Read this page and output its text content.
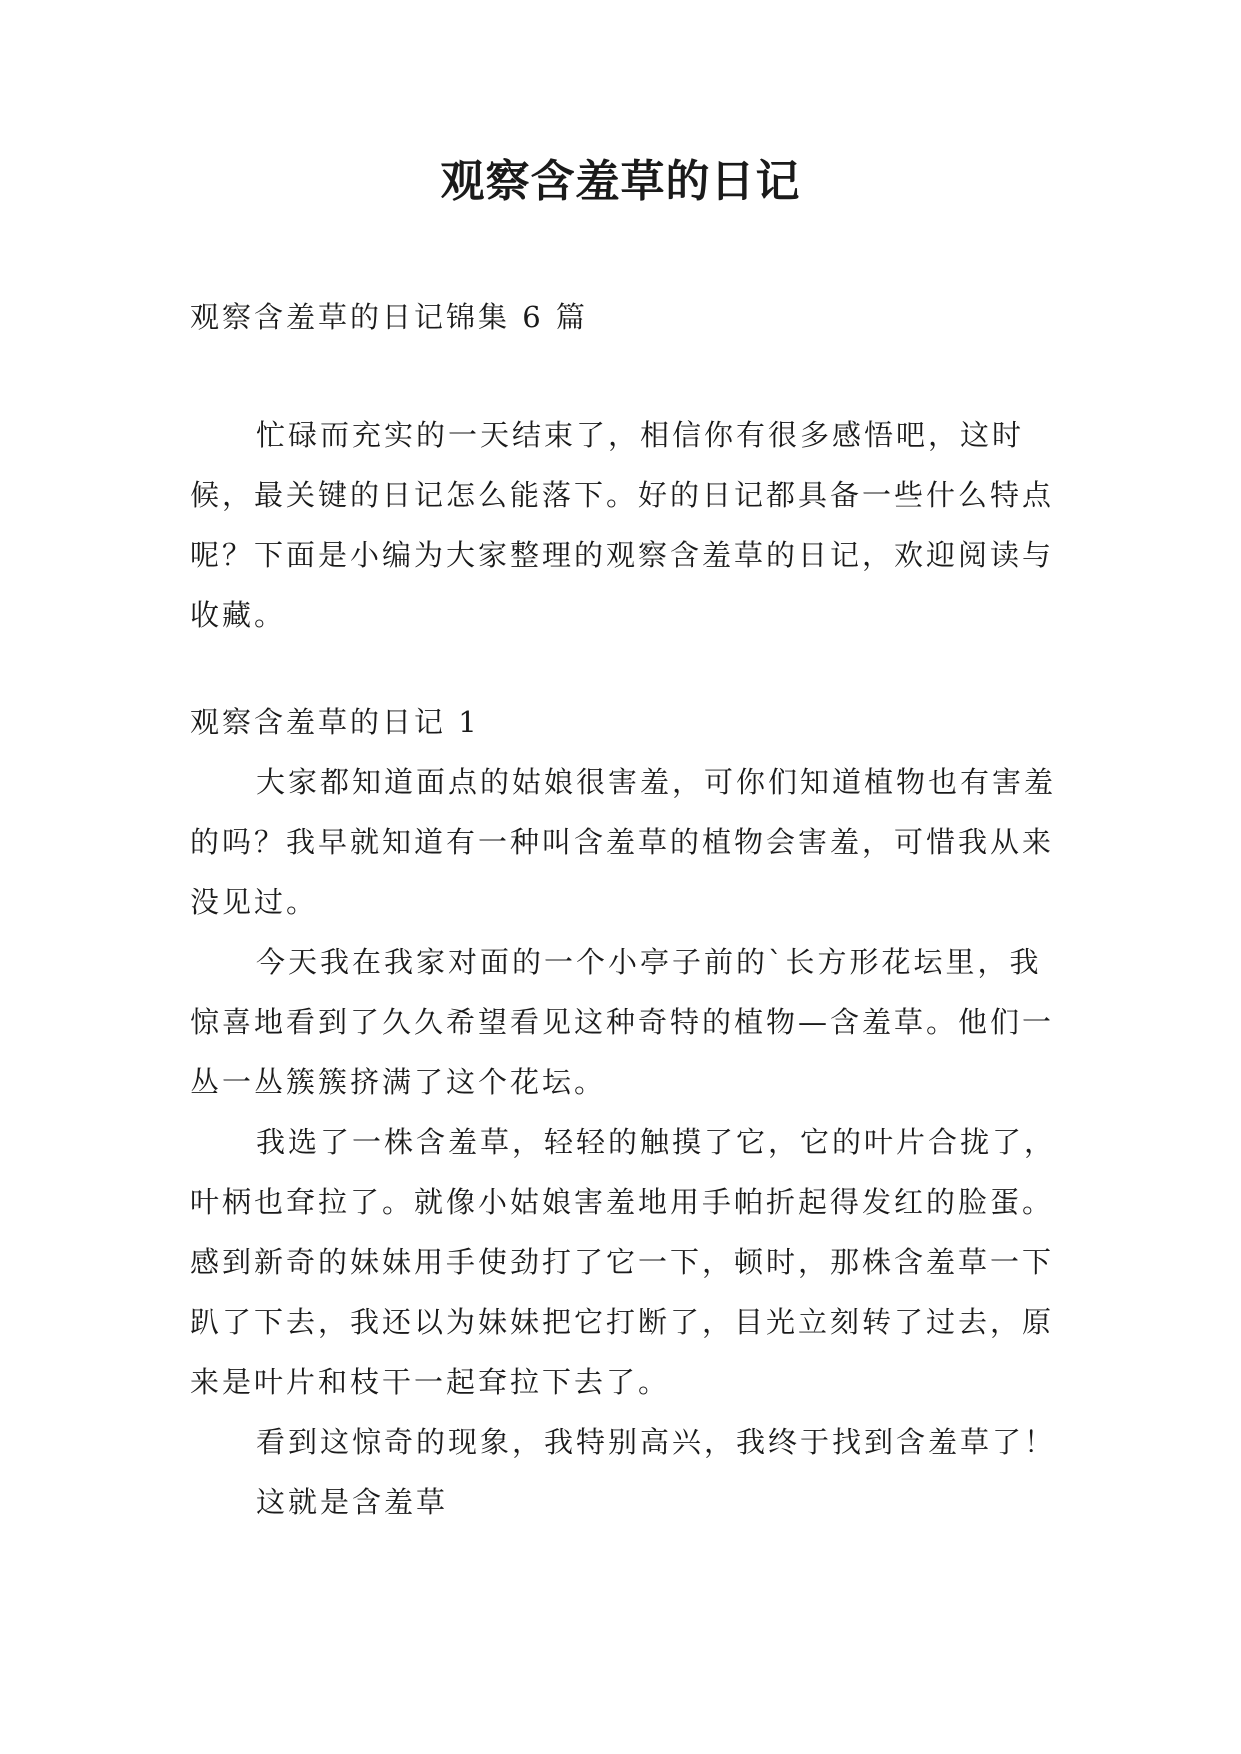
观察含羞草的日记
观察含羞草的日记锦集 6 篇
忙碌而充实的一天结束了，相信你有很多感悟吧，这时候，最关键的日记怎么能落下。好的日记都具备一些什么特点呢？下面是小编为大家整理的观察含羞草的日记，欢迎阅读与收藏。
观察含羞草的日记 1

大家都知道面点的姑娘很害羞，可你们知道植物也有害羞的吗？我早就知道有一种叫含羞草的植物会害羞，可惜我从来没见过。

今天我在我家对面的一个小亭子前的`长方形花坛里，我惊喜地看到了久久希望看见这种奇特的植物—含羞草。他们一丛一丛簇簇挤满了这个花坛。

我选了一株含羞草，轻轻的触摸了它，它的叶片合拢了，叶柄也耷拉了。就像小姑娘害羞地用手帕折起得发红的脸蛋。感到新奇的妹妹用手使劲打了它一下，顿时，那株含羞草一下趴了下去，我还以为妹妹把它打断了，目光立刻转了过去，原来是叶片和枝干一起耷拉下去了。

看到这惊奇的现象，我特别高兴，我终于找到含羞草了！

这就是含羞草
